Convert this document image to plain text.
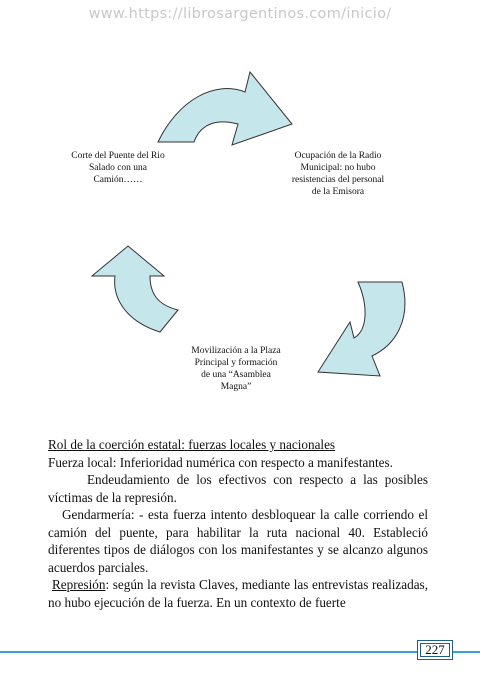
www.https://librosargentinos.com/inicio/
Corte del Puente del Rio
Salado con una
Camión……
Ocupación de la Radio
Municipal: no hubo
resistencias del personal
de la Emisora
Movilización a la Plaza
Principal y formación
de una “Asamblea
Magna”

Rol de la coerción estatal: fuerzas locales y nacionales

Fuerza local: Inferioridad numérica con respecto a manifestantes.

Endeudamiento de los efectivos con respecto a las posibles víctimas de la represión.

Gendarmería: - esta fuerza intento desbloquear la calle corriendo el camión del puente, para habilitar la ruta nacional 40. Estableció diferentes tipos de diálogos con los manifestantes y se alcanzo algunos acuerdos parciales.

Represión: según la revista Claves, mediante las entrevistas realizadas, no hubo ejecución de la fuerza. En un contexto de fuerte

227
